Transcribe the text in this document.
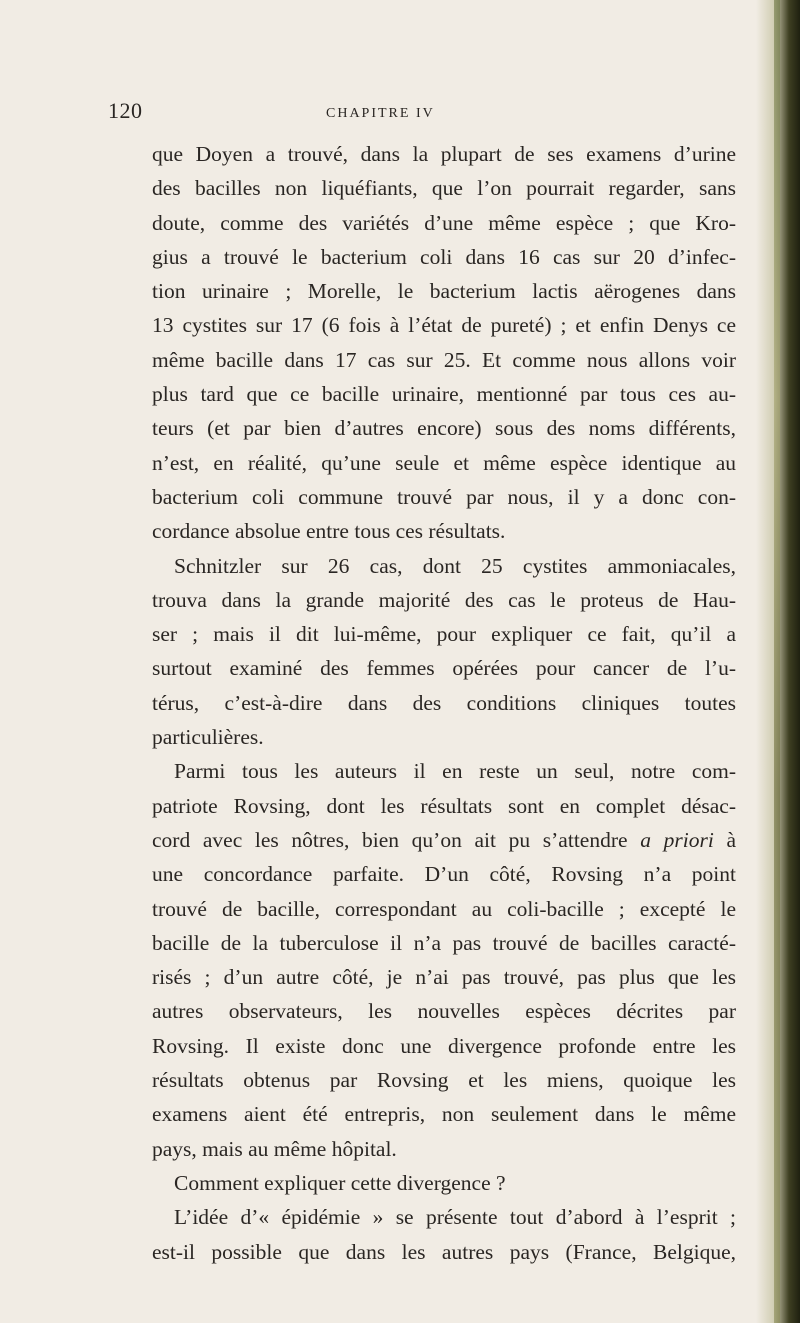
120	CHAPITRE IV
que Doyen a trouvé, dans la plupart de ses examens d’urine
des bacilles non liquéfiants, que l’on pourrait regarder, sans
doute, comme des variétés d’une même espèce ; que Kro-
gius a trouvé le bacterium coli dans 16 cas sur 20 d’infec-
tion urinaire ; Morelle, le bacterium lactis aërogenes dans
13 cystites sur 17 (6 fois à l’état de pureté) ; et enfin Denys ce
même bacille dans 17 cas sur 25. Et comme nous allons voir
plus tard que ce bacille urinaire, mentionné par tous ces au-
teurs (et par bien d’autres encore) sous des noms différents,
n’est, en réalité, qu’une seule et même espèce identique au
bacterium coli commune trouvé par nous, il y a donc con-
cordance absolue entre tous ces résultats.
Schnitzler sur 26 cas, dont 25 cystites ammoniacales,
trouva dans la grande majorité des cas le proteus de Hau-
ser ; mais il dit lui-même, pour expliquer ce fait, qu’il a
surtout examiné des femmes opérées pour cancer de l’u-
térus, c’est-à-dire dans des conditions cliniques toutes
particulières.
Parmi tous les auteurs il en reste un seul, notre com-
patriote Rovsing, dont les résultats sont en complet désac-
cord avec les nôtres, bien qu’on ait pu s’attendre a priori à
une concordance parfaite. D’un côté, Rovsing n’a point
trouvé de bacille, correspondant au coli-bacille ; excepté le
bacille de la tuberculose il n’a pas trouvé de bacilles caracté-
risés ; d’un autre côté, je n’ai pas trouvé, pas plus que les
autres observateurs, les nouvelles espèces décrites par
Rovsing. Il existe donc une divergence profonde entre les
résultats obtenus par Rovsing et les miens, quoique les
examens aient été entrepris, non seulement dans le même
pays, mais au même hôpital.
Comment expliquer cette divergence ?
L’idée d’« épidémie » se présente tout d’abord à l’esprit ;
est-il possible que dans les autres pays (France, Belgique,
